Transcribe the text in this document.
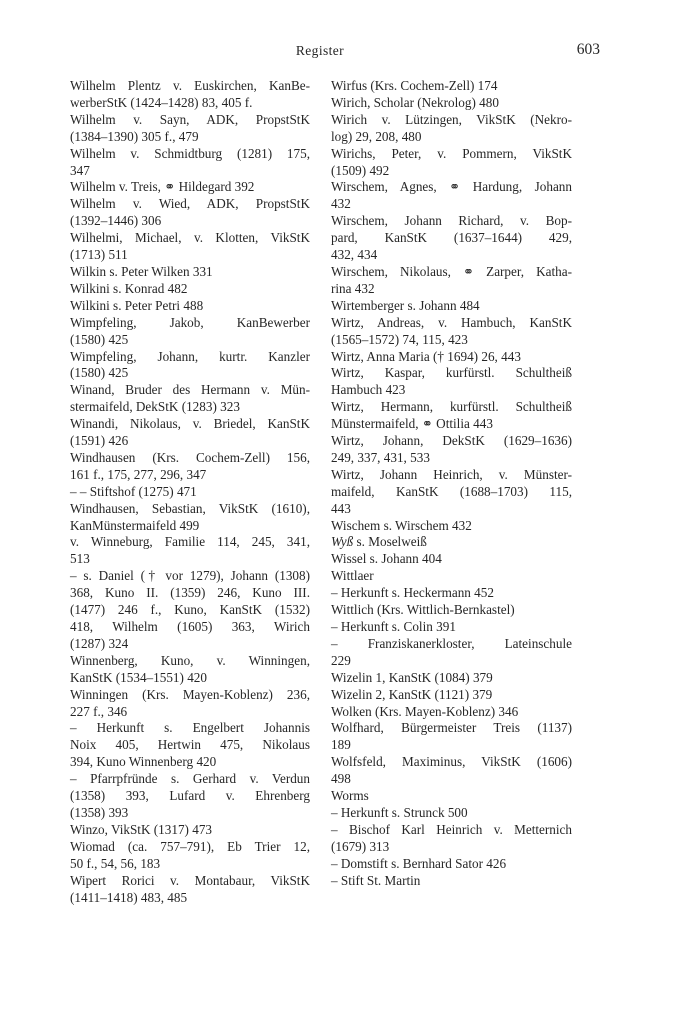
Register	603
Wilhelm Plentz v. Euskirchen, KanBe-
werberStK (1424–1428) 83, 405 f.
Wilhelm v. Sayn, ADK, PropstStK
(1384–1390) 305 f., 479
Wilhelm v. Schmidtburg (1281) 175,
347
Wilhelm v. Treis, ⚭ Hildegard 392
Wilhelm v. Wied, ADK, PropstStK
(1392–1446) 306
Wilhelmi, Michael, v. Klotten, VikStK
(1713) 511
Wilkin s. Peter Wilken 331
Wilkini s. Konrad 482
Wilkini s. Peter Petri 488
Wimpfeling, Jakob, KanBewerber
(1580) 425
Wimpfeling, Johann, kurtr. Kanzler
(1580) 425
Winand, Bruder des Hermann v. Mün-
stermaifeld, DekStK (1283) 323
Winandi, Nikolaus, v. Briedel, KanStK
(1591) 426
Windhausen (Krs. Cochem-Zell) 156,
161 f., 175, 277, 296, 347
– – Stiftshof (1275) 471
Windhausen, Sebastian, VikStK (1610),
KanMünstermaifeld 499
v. Winneburg, Familie 114, 245, 341,
513
– s. Daniel († vor 1279), Johann (1308)
368, Kuno II. (1359) 246, Kuno III.
(1477) 246 f., Kuno, KanStK (1532)
418, Wilhelm (1605) 363, Wirich
(1287) 324
Winnenberg, Kuno, v. Winningen,
KanStK (1534–1551) 420
Winningen (Krs. Mayen-Koblenz) 236,
227 f., 346
– Herkunft s. Engelbert Johannis
Noix 405, Hertwin 475, Nikolaus
394, Kuno Winnenberg 420
– Pfarrpfründe s. Gerhard v. Verdun
(1358) 393, Lufard v. Ehrenberg
(1358) 393
Winzo, VikStK (1317) 473
Wiomad (ca. 757–791), Eb Trier 12,
50 f., 54, 56, 183
Wipert Rorici v. Montabaur, VikStK
(1411–1418) 483, 485
Wirfus (Krs. Cochem-Zell) 174
Wirich, Scholar (Nekrolog) 480
Wirich v. Lützingen, VikStK (Nekro-
log) 29, 208, 480
Wirichs, Peter, v. Pommern, VikStK
(1509) 492
Wirschem, Agnes, ⚭ Hardung, Johann
432
Wirschem, Johann Richard, v. Bop-
pard, KanStK (1637–1644) 429,
432, 434
Wirschem, Nikolaus, ⚭ Zarper, Katha-
rina 432
Wirtemberger s. Johann 484
Wirtz, Andreas, v. Hambuch, KanStK
(1565–1572) 74, 115, 423
Wirtz, Anna Maria († 1694) 26, 443
Wirtz, Kaspar, kurfürstl. Schultheiß
Hambuch 423
Wirtz, Hermann, kurfürstl. Schultheiß
Münstermaifeld, ⚭ Ottilia 443
Wirtz, Johann, DekStK (1629–1636)
249, 337, 431, 533
Wirtz, Johann Heinrich, v. Münster-
maifeld, KanStK (1688–1703) 115,
443
Wischem s. Wirschem 432
Wyß s. Moselweiß
Wissel s. Johann 404
Wittlaer
– Herkunft s. Heckermann 452
Wittlich (Krs. Wittlich-Bernkastel)
– Herkunft s. Colin 391
– Franziskanerkloster, Lateinschule
229
Wizelin 1, KanStK (1084) 379
Wizelin 2, KanStK (1121) 379
Wolken (Krs. Mayen-Koblenz) 346
Wolfhard, Bürgermeister Treis (1137)
189
Wolfsfeld, Maximinus, VikStK (1606)
498
Worms
– Herkunft s. Strunck 500
– Bischof Karl Heinrich v. Metternich
(1679) 313
– Domstift s. Bernhard Sator 426
– Stift St. Martin
